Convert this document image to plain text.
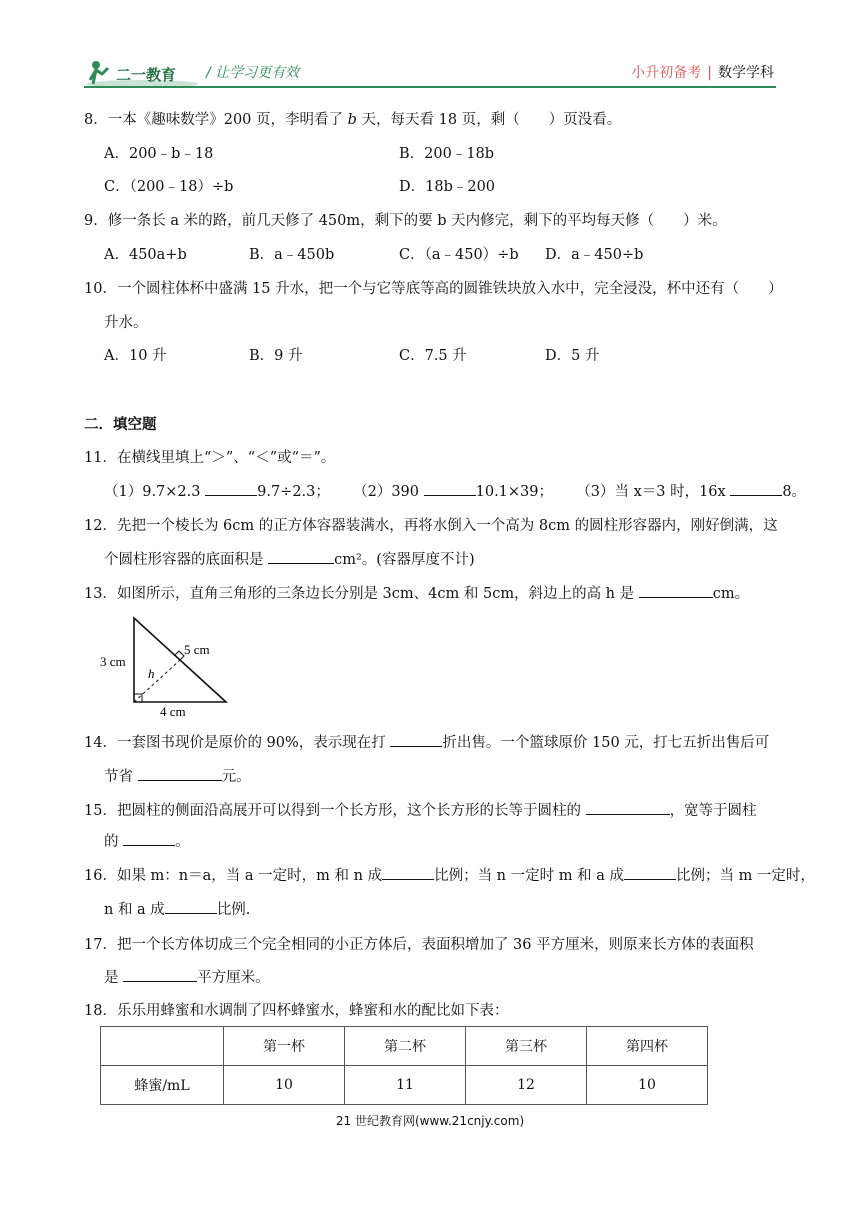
二一教育 / 让学习更有效	小升初备考 | 数学学科
8．一本《趣味数学》200 页，李明看了 b 天，每天看 18 页，剩（　　）页没看。
A．200﹣b﹣18	B．200﹣18b
C．（200﹣18）÷b	D．18b﹣200
9．修一条长 a 米的路，前几天修了 450m，剩下的要 b 天内修完，剩下的平均每天修（　　）米。
A．450a+b	B．a﹣450b	C．（a﹣450）÷b D．a﹣450÷b
10．一个圆柱体杯中盛满 15 升水，把一个与它等底等高的圆锥铁块放入水中，完全浸没，杯中还有（　　）
升水。
A．10 升	B．9 升	C．7.5 升	D．5 升
二．填空题
11．在横线里填上“＞”、“＜”或“＝”。
（1）9.7×2.3	9.7÷2.3； （2）390	10.1×39； （3）当 x＝3 时，16x	8。
12．先把一个棱长为 6cm 的正方体容器装满水，再将水倒入一个高为 8cm 的圆柱形容器内，刚好倒满，这
个圆柱形容器的底面积是	cm²。(容器厚度不计)
13．如图所示，直角三角形的三条边长分别是 3cm、4cm 和 5cm，斜边上的高 h 是	cm。
3 cm
5 cm
4 cm
h
14．一套图书现价是原价的 90%，表示现在打	折出售。一个篮球原价 150 元，打七五折出售后可
节省	元。
15．把圆柱的侧面沿高展开可以得到一个长方形，这个长方形的长等于圆柱的	，宽等于圆柱
的	。
16．如果 m：n＝a，当 a 一定时，m 和 n 成	比例；当 n 一定时 m 和 a 成	比例；当 m 一定时，
n 和 a 成	比例.
17．把一个长方体切成三个完全相同的小正方体后，表面积增加了 36 平方厘米，则原来长方体的表面积
是	平方厘米。
18．乐乐用蜂蜜和水调制了四杯蜂蜜水，蜂蜜和水的配比如下表：
	第一杯	第二杯	第三杯	第四杯
蜂蜜/mL	10	11	12	10
21 世纪教育网(www.21cnjy.com)
